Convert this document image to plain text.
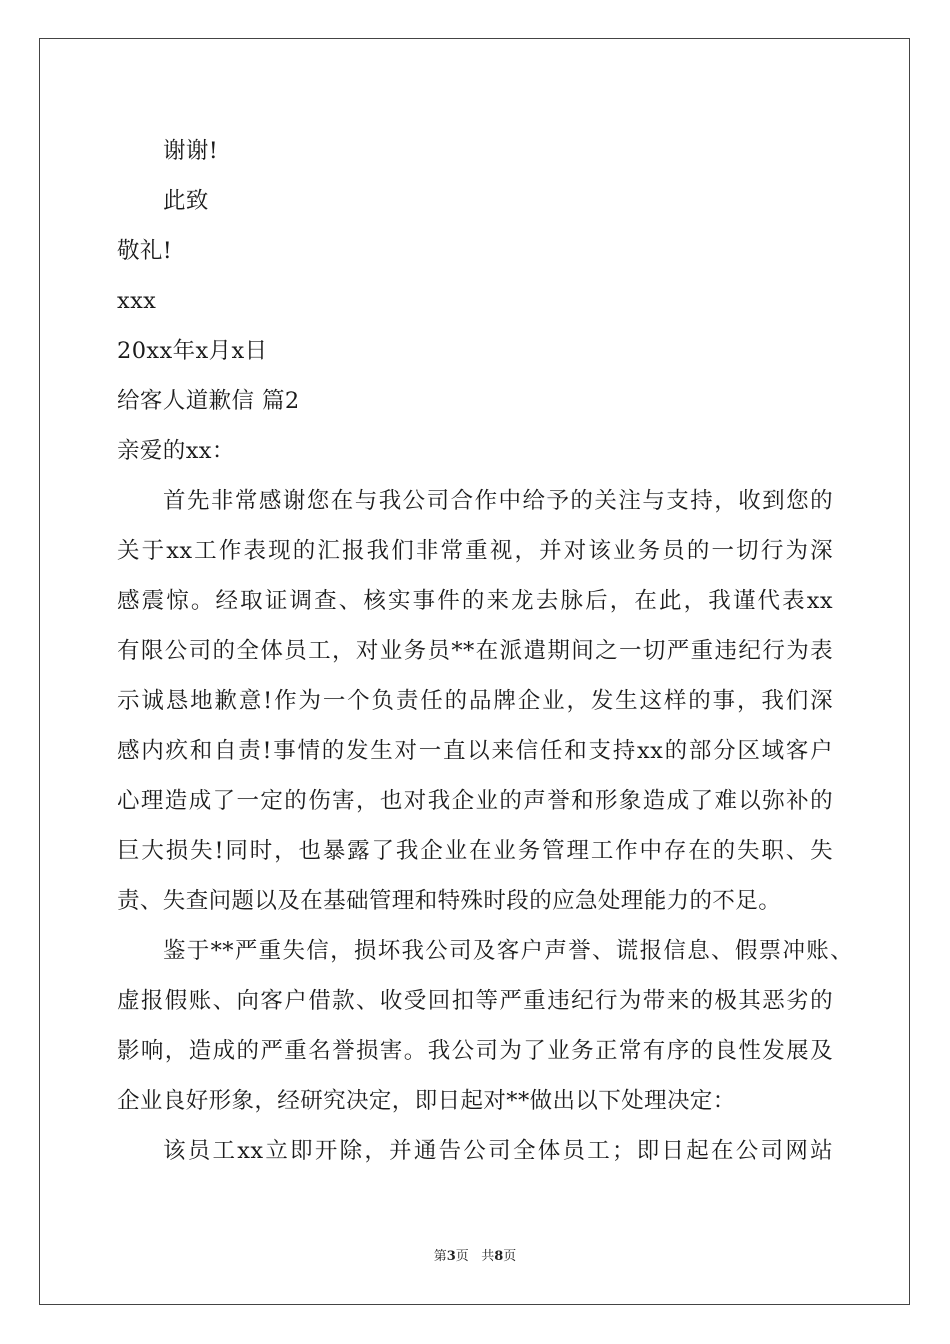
谢谢!
此致
敬礼!
xxx
20xx年x月x日
给客人道歉信 篇2
亲爱的xx：
首先非常感谢您在与我公司合作中给予的关注与支持，收到您的
关于xx工作表现的汇报我们非常重视，并对该业务员的一切行为深
感震惊。经取证调查、核实事件的来龙去脉后，在此，我谨代表xx
有限公司的全体员工，对业务员**在派遣期间之一切严重违纪行为表
示诚恳地歉意!作为一个负责任的品牌企业，发生这样的事，我们深
感内疚和自责!事情的发生对一直以来信任和支持xx的部分区域客户
心理造成了一定的伤害，也对我企业的声誉和形象造成了难以弥补的
巨大损失!同时，也暴露了我企业在业务管理工作中存在的失职、失
责、失查问题以及在基础管理和特殊时段的应急处理能力的不足。
鉴于**严重失信，损坏我公司及客户声誉、谎报信息、假票冲账、
虚报假账、向客户借款、收受回扣等严重违纪行为带来的极其恶劣的
影响，造成的严重名誉损害。我公司为了业务正常有序的良性发展及
企业良好形象，经研究决定，即日起对**做出以下处理决定：
该员工xx立即开除，并通告公司全体员工；即日起在公司网站
第3页   共8页
